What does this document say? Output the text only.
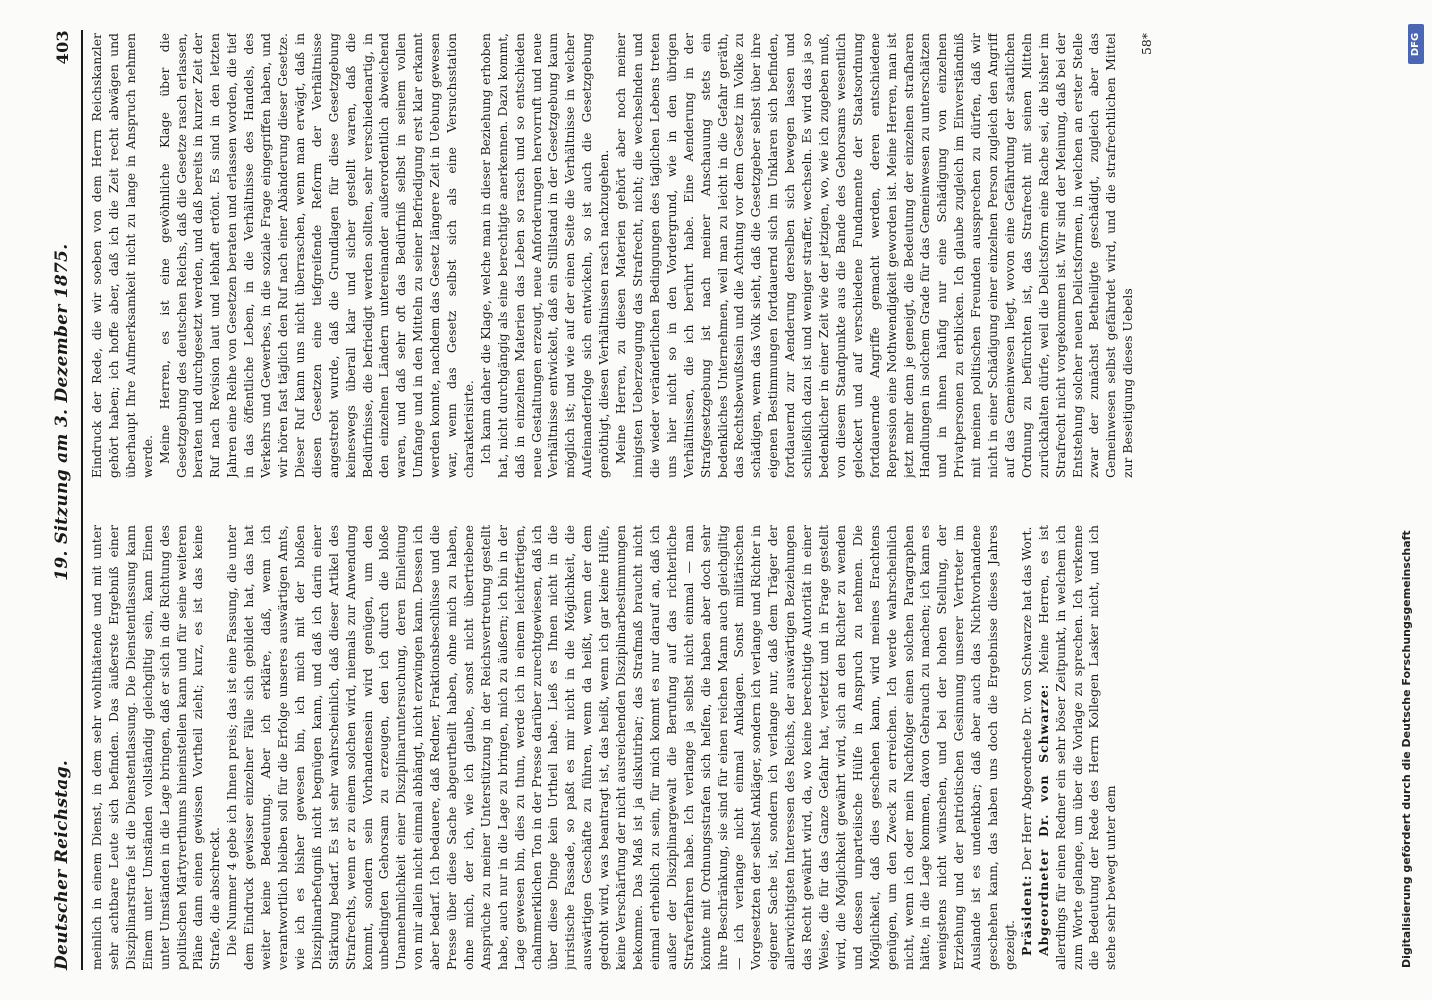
Deutscher Reichstag.
19. Sitzung am 3. Dezember 1875.
403

meinlich in einem Dienst, in dem sehr wohlthätende und mit unter sehr achtbare Leute sich befinden. Das äußerste Ergebniß einer Disziplinarstrafe ist die Dienstentlassung. Die Dienstentlassung kann Einem unter Umständen vollständig gleichgiltig sein, kann Einen unter Umständen in die Lage bringen, daß er sich in die Richtung des politischen Märtyrerthums hineinstellen kann und für seine weiteren Pläne dann einen gewissen Vortheil zieht; kurz, es ist das keine Strafe, die abschreckt. Die Nummer 4 gebe ich Ihnen preis; das ist eine Fassung, die unter dem Eindruck gewisser einzelner Fälle sich gebildet hat, das hat weiter keine Bedeutung. Aber ich erkläre, daß, wenn ich verantwortlich bleiben soll für die Erfolge unseres auswärtigen Amts, wie ich es bisher gewesen bin, ich mich mit der bloßen Disziplinarbefugniß nicht begnügen kann, und daß ich darin einer Stärkung bedarf. Es ist sehr wahrscheinlich, daß dieser Artikel des Strafrechts, wenn er zu einem solchen wird, niemals zur Anwendung kommt, sondern sein Vorhandensein wird genügen, um den unbedingten Gehorsam zu erzeugen, den ich durch die bloße Unannehmlichkeit einer Disziplinaruntersuchung, deren Einleitung von mir allein nicht einmal abhängt, nicht erzwingen kann. Dessen ich aber bedarf. Ich bedauere, daß Redner, Fraktionsbeschlüsse und die Presse über diese Sache abgeurtheilt haben, ohne mich zu haben, ohne mich, der ich, wie ich glaube, sonst nicht übertriebene Ansprüche zu meiner Unterstützung in der Reichsvertretung gestellt habe, auch nur in die Lage zu bringen, mich zu äußern; ich bin in der Lage gewesen bin, dies zu thun, werde ich in einem leichtfertigen, chalmmerklichen Ton in der Presse darüber zurechtgewiesen, daß ich über diese Dinge kein Urtheil habe. Ließ es Ihnen nicht in die juristische Fassade, so paßt es mir nicht in die Möglichkeit, die auswärtigen Geschäfte zu führen, wenn da heißt, wenn der dem gedroht wird, was beantragt ist, das heißt, wenn ich gar keine Hülfe, keine Verschärfung der nicht ausreichenden Disziplinarbestimmungen bekomme. Das Maß ist ja diskutirbar; das Strafmaß braucht nicht einmal erheblich zu sein, für mich kommt es nur darauf an, daß ich außer der Disziplinargewalt die Berufung auf das richterliche Strafverfahren habe. Ich verlange ja selbst nicht einmal — man könnte mit Ordnungsstrafen sich helfen, die haben aber doch sehr ihre Beschränkung, sie sind für einen reichen Mann auch gleichgiltig — ich verlange nicht einmal Anklagen. Sonst militärischen Vorgesetzten der selbst Ankläger, sondern ich verlange und Richter in eigener Sache ist, sondern ich verlange nur, daß dem Träger der allerwichtigsten Interessen des Reichs, der auswärtigen Beziehungen das Recht gewährt wird, da, wo keine berechtigte Autorität in einer Weise, die für das Ganze Gefahr hat, verletzt und in Frage gestellt wird, die Möglichkeit gewährt wird, sich an den Richter zu wenden und dessen unparteiische Hülfe in Anspruch zu nehmen. Die Möglichkeit, daß dies geschehen kann, wird meines Erachtens genügen, um den Zweck zu erreichen. Ich werde wahrscheinlich nicht, wenn ich oder mein Nachfolger einen solchen Paragraphen hätte, in die Lage kommen, davon Gebrauch zu machen; ich kann es wenigstens nicht wünschen, und bei der hohen Stellung, der Erziehung und der patriotischen Gesinnung unserer Vertreter im Auslande ist es undenkbar; daß aber auch das Nichtvorhandene geschehen kann, das haben uns doch die Ergebnisse dieses Jahres gezeigt. Präsident: Der Herr Abgeordnete Dr. von Schwarze hat das Wort. Abgeordneter Dr. von Schwarze: Meine Herren, es ist allerdings für einen Redner ein sehr böser Zeitpunkt, in welchem ich zum Worte gelange, um über die Vorlage zu sprechen. Ich verkenne die Bedeutung der Rede des Herrn Kollegen Lasker nicht, und ich stehe sehr bewegt unter dem

Eindruck der Rede, die wir soeben von dem Herrn Reichskanzler gehört haben; ich hoffe aber, daß ich die Zeit recht abwägen und überhaupt Ihre Aufmerksamkeit nicht zu lange in Anspruch nehmen werde. Meine Herren, es ist eine gewöhnliche Klage über die Gesetzgebung des deutschen Reichs, daß die Gesetze rasch erlassen, beraten und durchgesetzt werden, und daß bereits in kurzer Zeit der Ruf nach Revision laut und lebhaft ertönt. Es sind in den letzten Jahren eine Reihe von Gesetzen beraten und erlassen worden, die tief in das öffentliche Leben, in die Verhältnisse des Handels, des Verkehrs und Gewerbes, in die soziale Frage eingegriffen haben, und wir hören fast täglich den Ruf nach einer Abänderung dieser Gesetze. Dieser Ruf kann uns nicht überraschen, wenn man erwägt, daß in diesen Gesetzen eine tiefgreifende Reform der Verhältnisse angestrebt wurde, daß die Grundlagen für diese Gesetzgebung keineswegs überall klar und sicher gestellt waren, daß die Bedürfnisse, die befriedigt werden sollten, sehr verschiedenartig, in den einzelnen Ländern untereinander außerordentlich abweichend waren, und daß sehr oft das Bedürfniß selbst in seinem vollen Umfange und in den Mitteln zu seiner Befriedigung erst klar erkannt werden konnte, nachdem das Gesetz längere Zeit in Uebung gewesen war, wenn das Gesetz selbst sich als eine Versuchsstation charakterisirte. Ich kann daher die Klage, welche man in dieser Beziehung erhoben hat, nicht durchgängig als eine berechtigte anerkennen. Dazu kommt, daß in einzelnen Materien das Leben so rasch und so entschieden neue Gestaltungen erzeugt, neue Anforderungen hervorruft und neue Verhältnisse entwickelt, daß ein Stillstand in der Gesetzgebung kaum möglich ist; und wie auf der einen Seite die Verhältnisse in welcher Aufeinanderfolge sich entwickeln, so ist auch die Gesetzgebung genöthigt, diesen Verhältnissen rasch nachzugehen. Meine Herren, zu diesen Materien gehört aber noch meiner innigsten Ueberzeugung das Strafrecht, nicht; die wechselnden und die wieder veränderlichen Bedingungen des täglichen Lebens treten uns hier nicht so in den Vordergrund, wie in den übrigen Verhältnissen, die ich berührt habe. Eine Aenderung in der Strafgesetzgebung ist nach meiner Anschauung stets ein bedenkliches Unternehmen, weil man zu leicht in die Gefahr geräth, das Rechtsbewußtsein und die Achtung vor dem Gesetz im Volke zu schädigen, wenn das Volk sieht, daß die Gesetzgeber selbst über ihre eigenen Bestimmungen fortdauernd sich im Unklaren sich befinden, fortdauernd zur Aenderung derselben sich bewegen lassen und schließlich dazu ist und weniger straffer, wechseln. Es wird das ja so bedenklicher in einer Zeit wie der jetzigen, wo, wie ich zugeben muß, von diesem Standpunkte aus die Bande des Gehorsams wesentlich gelockert und auf verschiedene Fundamente der Staatsordnung fortdauernde Angriffe gemacht werden, deren entschiedene Repression eine Nothwendigkeit geworden ist. Meine Herren, man ist jetzt mehr denn je geneigt, die Bedeutung der einzelnen strafbaren Handlungen in solchem Grade für das Gemeinwesen zu unterschätzen und in ihnen häufig nur eine Schädigung von einzelnen Privatpersonen zu erblicken. Ich glaube zugleich im Einverständniß mit meinen politischen Freunden aussprechen zu dürfen, daß wir nicht in einer Schädigung einer einzelnen Person zugleich den Angriff auf das Gemeinwesen liegt, wovon eine Gefährdung der staatlichen Ordnung zu befürchten ist, das Strafrecht mit seinen Mitteln zurückhalten dürfe, weil die Delictsform eine Rache sei, die bisher im Strafrecht nicht vorgekommen ist. Wir sind der Meinung, daß bei der Entstehung solcher neuen Delictsformen, in welchen an erster Stelle zwar der zunächst Betheiligte geschädigt, zugleich aber das Gemeinwesen selbst gefährdet wird, und die strafrechtlichen Mittel zur Beseitigung dieses Uebels

58*
Digitalisierung gefördert durch die Deutsche Forschungsgemeinschaft
DFG
